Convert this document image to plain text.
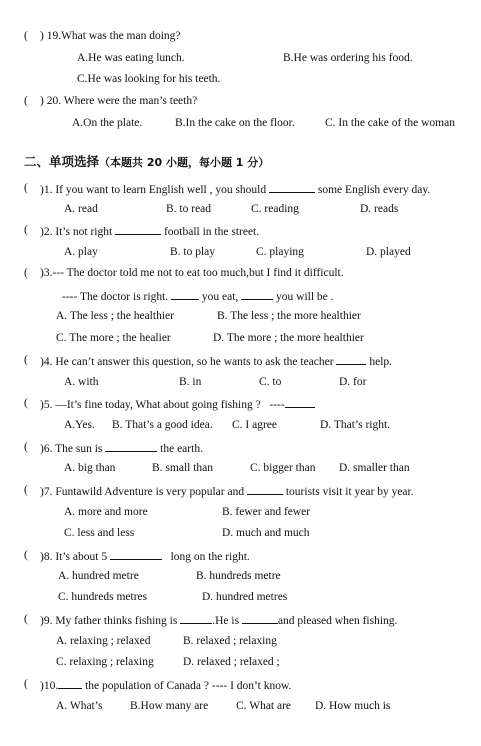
( ) 19.What was the man doing?
A.He was eating lunch.	B.He was ordering his food.
C.He was looking for his teeth.
( ) 20. Where were the man’s teeth?
A.On the plate.	B.In the cake on the floor.	C. In the cake of the woman
二、单项选择（本题共 20 小题，每小题 1 分）
( )1. If you want to learn English well , you should	some English every day.
A. read	B. to read	C. reading	D. reads
( )2. It’s not right	football in the street.
A. play	B. to play	C. playing	D. played
( )3.--- The doctor told me not to eat too much,but I find it difficult.
---- The doctor is right.	you eat,	you will be .
A. The less ; the healthier	B. The less ; the more healthier
C. The more ; the healier	D. The more ; the more healthier
( )4. He can’t answer this question, so he wants to ask the teacher	help.
A. with	B. in	C. to	D. for
( )5. —It’s fine today, What about going fishing ? ----
A.Yes. B. That’s a good idea. C. I agree	D. That’s right.
( )6. The sun is	the earth.
A. big than	B. small than	C. bigger than D. smaller than
( )7. Funtawild Adventure is very popular and	tourists visit it year by year.
A. more and more	B. fewer and fewer
C. less and less	D. much and much
( )8. It’s about 5	long on the right.
A. hundred metre	B. hundreds metre
C. hundreds metres	D. hundred metres
( )9. My father thinks fishing is	.He is	and pleased when fishing.
A. relaxing ; relaxed	B. relaxed ; relaxing
C. relaxing ; relaxing	D. relaxed ; relaxed ;
( )10. the population of Canada ? ---- I don’t know.
A. What’s B.How many are C. What are D. How much is
